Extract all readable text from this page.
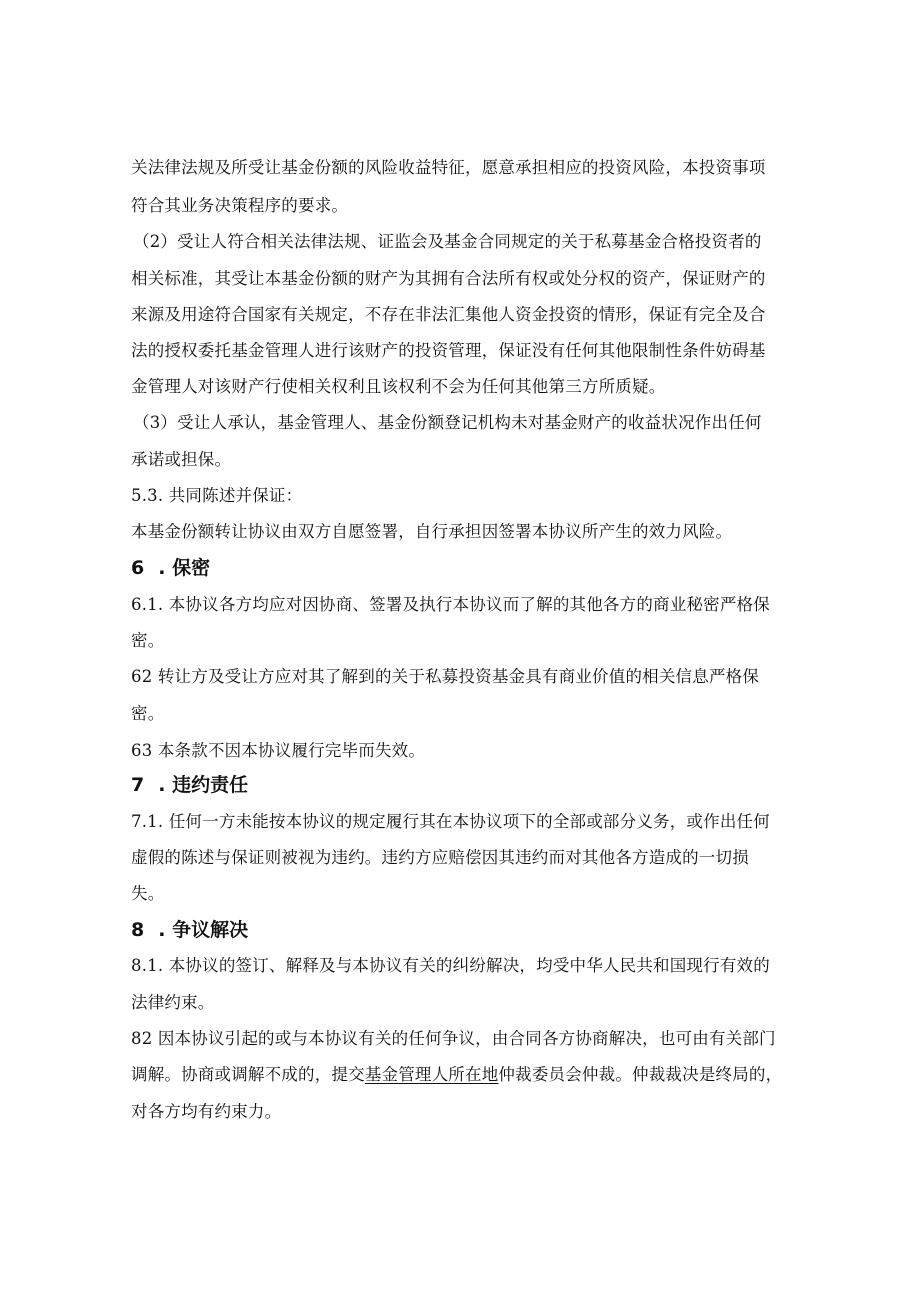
关法律法规及所受让基金份额的风险收益特征，愿意承担相应的投资风险，本投资事项

符合其业务决策程序的要求。

（2）受让人符合相关法律法规、证监会及基金合同规定的关于私募基金合格投资者的

相关标准，其受让本基金份额的财产为其拥有合法所有权或处分权的资产，保证财产的

来源及用途符合国家有关规定，不存在非法汇集他人资金投资的情形，保证有完全及合

法的授权委托基金管理人进行该财产的投资管理，保证没有任何其他限制性条件妨碍基

金管理人对该财产行使相关权利且该权利不会为任何其他第三方所质疑。

（3）受让人承认，基金管理人、基金份额登记机构未对基金财产的收益状况作出任何

承诺或担保。

5.3. 共同陈述并保证：

本基金份额转让协议由双方自愿签署，自行承担因签署本协议所产生的效力风险。

6 . 保密

6.1. 本协议各方均应对因协商、签署及执行本协议而了解的其他各方的商业秘密严格保

密。

62 转让方及受让方应对其了解到的关于私募投资基金具有商业价值的相关信息严格保

密。

63 本条款不因本协议履行完毕而失效。

7 . 违约责任

7.1. 任何一方未能按本协议的规定履行其在本协议项下的全部或部分义务，或作出任何

虚假的陈述与保证则被视为违约。违约方应赔偿因其违约而对其他各方造成的一切损

失。

8 . 争议解决

8.1. 本协议的签订、解释及与本协议有关的纠纷解决，均受中华人民共和国现行有效的

法律约束。

82 因本协议引起的或与本协议有关的任何争议，由合同各方协商解决，也可由有关部门

调解。协商或调解不成的，提交基金管理人所在地仲裁委员会仲裁。仲裁裁决是终局的，

对各方均有约束力。
